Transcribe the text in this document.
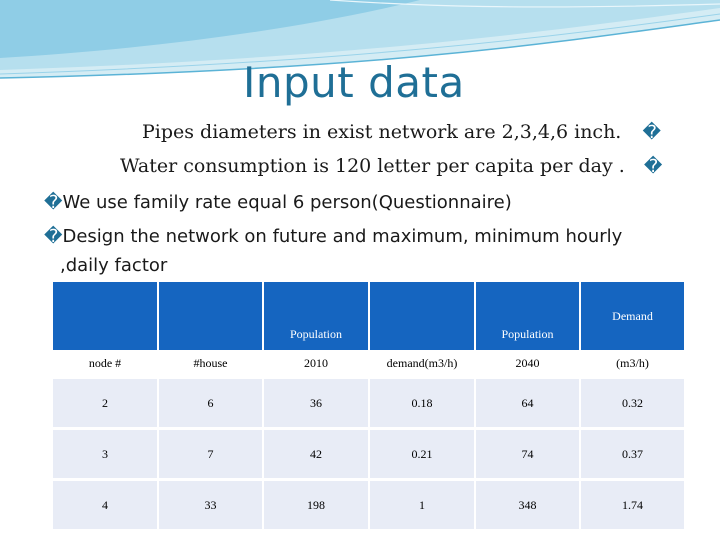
Input data
Pipes diameters in exist network are 2,3,4,6 inch. �
Water consumption is 120 letter per capita per day . �
�We use family rate equal 6 person(Questionnaire)
�Design the network on future and maximum, minimum hourly
,daily factor
		Population		Population	Demand
node #	#house	2010	demand(m3/h)	2040	(m3/h)
2	6	36	0.18	64	0.32
3	7	42	0.21	74	0.37
4	33	198	1	348	1.74
